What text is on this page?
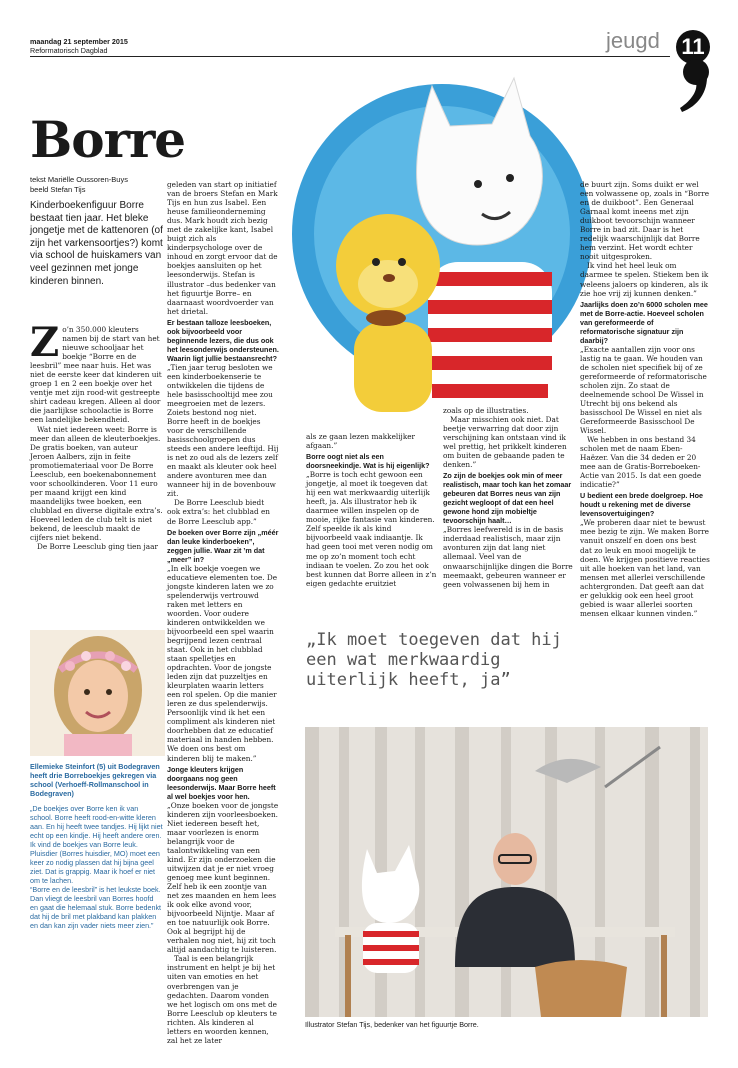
maandag 21 september 2015
Reformatorisch Dagblad	jeugd 11
Borre
tekst Mariëlle Oussoren-Buys
beeld Stefan Tijs
Kinderboekenfiguur Borre bestaat tien jaar. Het bleke jongetje met de kattenoren (of zijn het varkensoortjes?) komt via school de huiskamers van veel gezinnen met jonge kinderen binnen.

Zo’n 350.000 kleuters namen bij de start van het nieuwe schooljaar het boekje “Borre en de leesbril” mee naar huis. Het was niet de eerste keer dat kinderen uit groep 1 en 2 een boekje over het ventje met zijn rood-wit gestreepte shirt cadeau kregen. Alleen al door die jaarlijkse schoolactie is Borre een landelijke bekendheid.

Wat niet iedereen weet: Borre is meer dan alleen de kleuterboekjes. De gratis boeken, van auteur Jeroen Aalbers, zijn in feite promotiemateriaal voor De Borre Leesclub, een boekenabonnement voor schoolkinderen. Voor 11 euro per maand krijgt een kind maandelijks twee boeken, een clubblad en diverse digitale extra’s. Hoeveel leden de club telt is niet bekend, de leesclub maakt de cijfers niet bekend.

De Borre Leesclub ging tien jaar

Ellemieke Steinfort (5) uit Bodegraven heeft drie Borreboekjes gekregen via school (Verhoeff-Rollmanschool in Bodegraven)
„De boekjes over Borre ken ik van school. Borre heeft rood-en-witte kleren aan. En hij heeft twee tandjes. Hij lijkt niet echt op een kindje. Hij heeft andere oren.
Ik vind de boekjes van Borre leuk. Pluisdier (Borres huisdier, MO) moet een keer zo nodig plassen dat hij bijna geel ziet. Dat is grappig. Maar ik hoef er niet om te lachen.
“Borre en de leesbril” is het leukste boek. Dan vliegt de leesbril van Borres hoofd en gaat die helemaal stuk. Borre bedenkt dat hij de bril met plakband kan plakken en dan kan zijn vader niets meer zien.”

geleden van start op initiatief van de broers Stefan en Mark Tijs en hun zus Isabel. Een heuse familieonderneming dus. Mark houdt zich bezig met de zakelijke kant, Isabel buigt zich als kinderpsychologe over de inhoud en zorgt ervoor dat de boekjes aansluiten op het leesonderwijs. Stefan is illustrator –dus bedenker van het figuurtje Borre– en daarnaast woordvoerder van het drietal.

Er bestaan talloze leesboeken, ook bijvoorbeeld voor beginnende lezers, die dus ook het leesonderwijs ondersteunen. Waarin ligt jullie bestaansrecht?

„Tien jaar terug besloten we een kinderboekenserie te ontwikkelen die tijdens de hele basisschooltijd mee zou meegroeien met de lezers. Zoiets bestond nog niet. Borre heeft in de boekjes voor de verschillende basisschoolgroepen dus steeds een andere leeftijd. Hij is net zo oud als de lezers zelf en maakt als kleuter ook heel andere avonturen mee dan wanneer hij in de bovenbouw zit.

De Borre Leesclub biedt ook extra’s: het clubblad en de Borre Leesclub app.”

De boeken over Borre zijn „méér dan leuke kinderboeken”, zeggen jullie. Waar zit ’m dat „meer” in?

„In elk boekje voegen we educatieve elementen toe. De jongste kinderen laten we zo spelenderwijs vertrouwd raken met letters en woorden. Voor oudere kinderen ontwikkelden we bijvoorbeeld een spel waarin begrijpend lezen centraal staat. Ook in het clubblad staan spelletjes en opdrachten. Voor de jongste leden zijn dat puzzeltjes en kleurplaten waarin letters een rol spelen. Op die manier leren ze dus spelenderwijs. Persoonlijk vind ik het een compliment als kinderen niet doorhebben dat ze educatief materiaal in handen hebben. We doen ons best om kinderen blij te maken.”

Jonge kleuters krijgen doorgaans nog geen leesonderwijs. Maar Borre heeft al wel boekjes voor hen.

„Onze boeken voor de jongste kinderen zijn voorleesboeken. Niet iedereen beseft het, maar voorlezen is enorm belangrijk voor de taalontwikkeling van een kind. Er zijn onderzoeken die uitwijzen dat je er niet vroeg genoeg mee kunt beginnen. Zelf heb ik een zoontje van net zes maanden en hem lees ik ook elke avond voor, bijvoorbeeld Nijntje. Maar af en toe natuurlijk ook Borre. Ook al begrijpt hij de verhalen nog niet, hij zit toch altijd aandachtig te luisteren.

Taal is een belangrijk instrument en helpt je bij het uiten van emoties en het overbrengen van je gedachten. Daarom vonden we het logisch om ons met de Borre Leesclub op kleuters te richten. Als kinderen al letters en woorden kennen, zal het ze later

als ze gaan lezen makkelijker afgaan.”

Borre oogt niet als een doorsneekindje. Wat is hij eigenlijk?

„Borre is toch echt gewoon een jongetje, al moet ik toegeven dat hij een wat merkwaardig uiterlijk heeft, ja. Als illustrator heb ik daarmee willen inspelen op de mooie, rijke fantasie van kinderen. Zelf speelde ik als kind bijvoorbeeld vaak indiaantje. Ik had geen tooi met veren nodig om me op zo’n moment toch echt indiaan te voelen. Zo zou het ook best kunnen dat Borre alleen in z’n eigen gedachte eruitziet

zoals op de illustraties.

Maar misschien ook niet. Dat beetje verwarring dat door zijn verschijning kan ontstaan vind ik wel prettig, het prikkelt kinderen om buiten de gebaande paden te denken.”

Zo zijn de boekjes ook min of meer realistisch, maar toch kan het zomaar gebeuren dat Borres neus van zijn gezicht wegloopt of dat een heel gewone hond zijn mobieltje tevoorschijn haalt…

„Borres leefwereld is in de basis inderdaad realistisch, maar zijn avonturen zijn dat lang niet allemaal. Veel van de onwaarschijnlijke dingen die Borre meemaakt, gebeuren wanneer er geen volwassenen bij hem in

„Ik moet toegeven dat hij een wat merkwaardig uiterlijk heeft, ja”

de buurt zijn. Soms duikt er wel een volwassene op, zoals in “Borre en de duikboot”. Een Generaal Garnaal komt ineens met zijn duikboot tevoorschijn wanneer Borre in bad zit. Daar is het redelijk waarschijnlijk dat Borre hem verzint. Het wordt echter nooit uitgesproken.

Ik vind het heel leuk om daarmee te spelen. Stiekem ben ik weleens jaloers op kinderen, als ik zie hoe vrij zij kunnen denken.”

Jaarlijks doen zo’n 6000 scholen mee met de Borre-actie. Hoeveel scholen van gereformeerde of reformatorische signatuur zijn daarbij?

„Exacte aantallen zijn voor ons lastig na te gaan. We houden van de scholen niet specifiek bij of ze gereformeerde of reformatorische scholen zijn. Zo staat de deelnemende school De Wissel in Utrecht bij ons bekend als basisschool De Wissel en niet als Gereformeerde Basisschool De Wissel.

We hebben in ons bestand 34 scholen met de naam Eben-Haëzer. Van die 34 deden er 20 mee aan de Gratis-Borreboeken-Actie van 2015. Is dat een goede indicatie?”

U bedient een brede doelgroep. Hoe houdt u rekening met de diverse levensovertuigingen?

„We proberen daar niet te bewust mee bezig te zijn. We maken Borre vanuit onszelf en doen ons best dat zo leuk en mooi mogelijk te doen. We krijgen positieve reacties uit alle hoeken van het land, van mensen met allerlei verschillende achtergronden. Dat geeft aan dat er gelukkig ook een heel groot gebied is waar allerlei soorten mensen elkaar kunnen vinden.”

Illustrator Stefan Tijs, bedenker van het figuurtje Borre.
